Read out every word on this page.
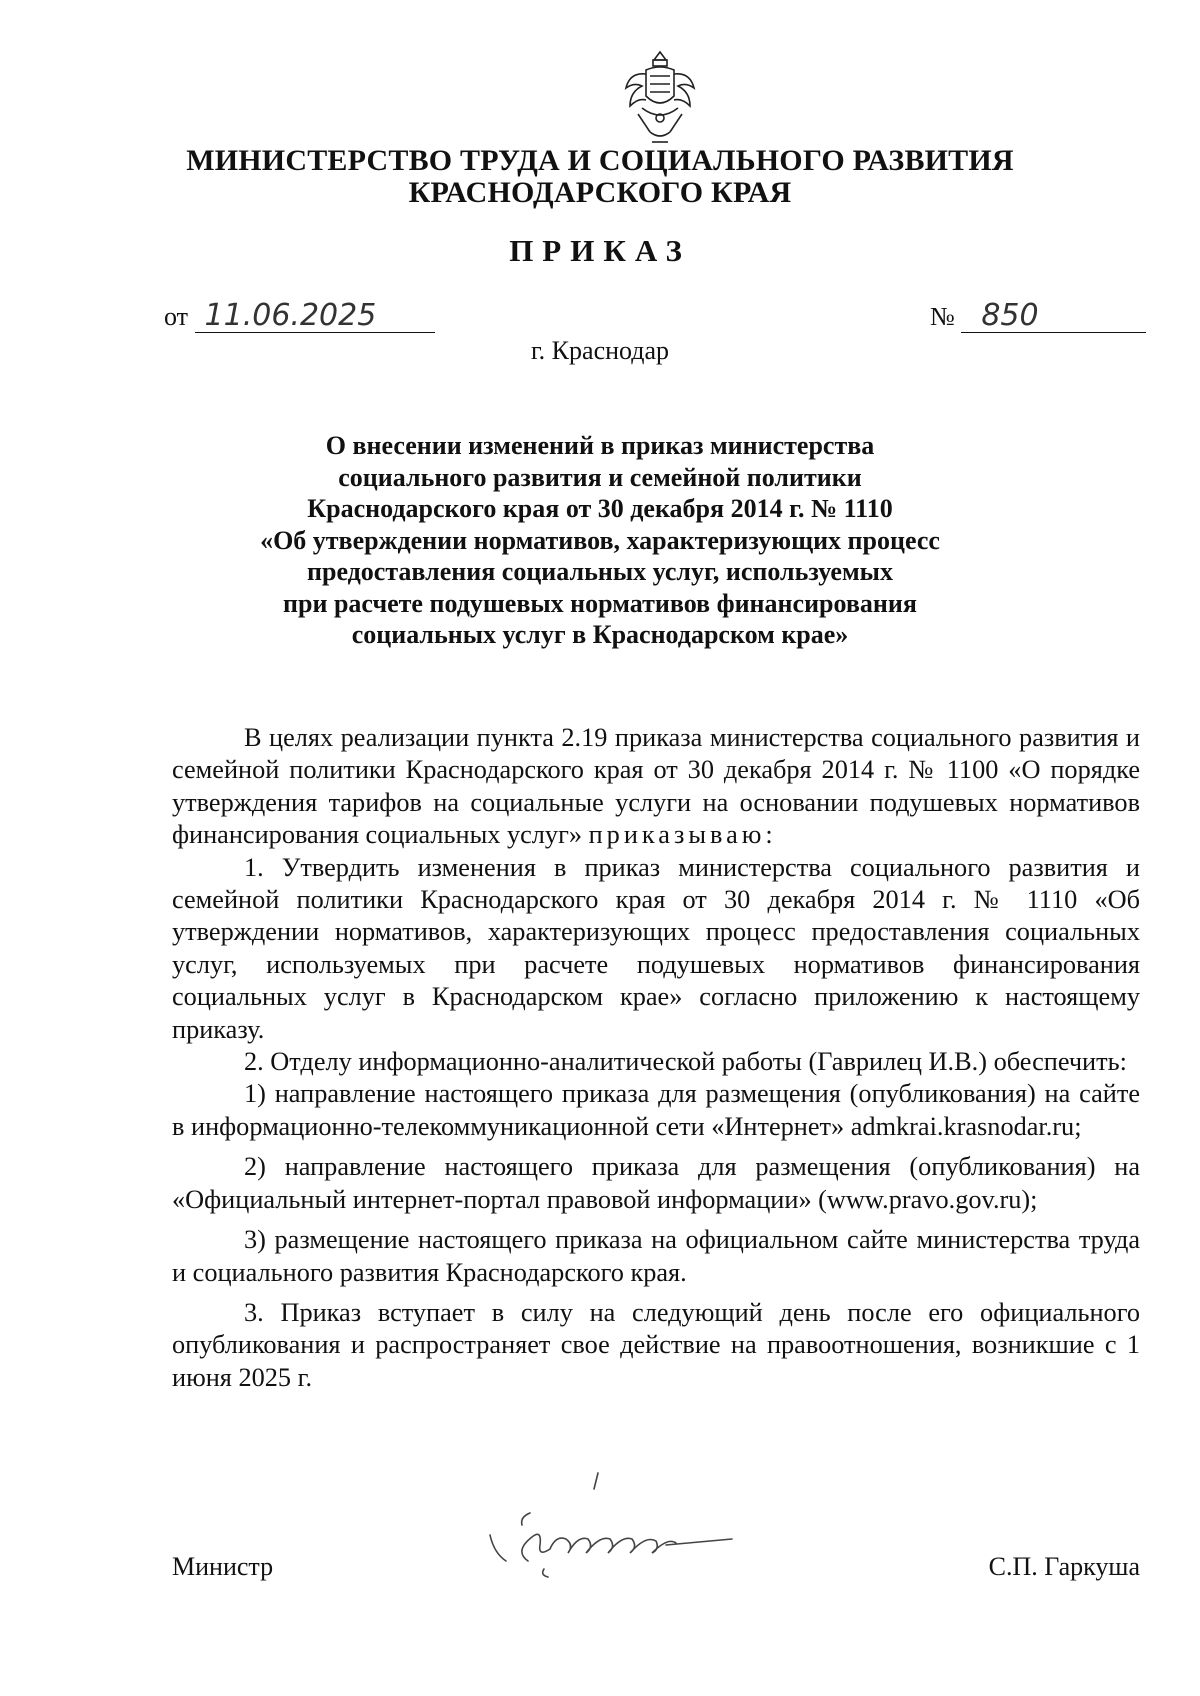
МИНИСТЕРСТВО ТРУДА И СОЦИАЛЬНОГО РАЗВИТИЯ
КРАСНОДАРСКОГО КРАЯ
ПРИКАЗ
от 11.06.2025	№ 850
г. Краснодар
О внесении изменений в приказ министерства
социального развития и семейной политики
Краснодарского края от 30 декабря 2014 г. № 1110
«Об утверждении нормативов, характеризующих процесс
предоставления социальных услуг, используемых
при расчете подушевых нормативов финансирования
социальных услуг в Краснодарском крае»

В целях реализации пункта 2.19 приказа министерства социального развития и семейной политики Краснодарского края от 30 декабря 2014 г. № 1100 «О порядке утверждения тарифов на социальные услуги на основании подушевых нормативов финансирования социальных услуг» приказываю:

1. Утвердить изменения в приказ министерства социального развития и семейной политики Краснодарского края от 30 декабря 2014 г. № 1110 «Об утверждении нормативов, характеризующих процесс предоставления социальных услуг, используемых при расчете подушевых нормативов финансирования социальных услуг в Краснодарском крае» согласно приложению к настоящему приказу.

2. Отделу информационно-аналитической работы (Гаврилец И.В.) обеспечить:

1) направление настоящего приказа для размещения (опубликования) на сайте в информационно-телекоммуникационной сети «Интернет» admkrai.krasnodar.ru;

2) направление настоящего приказа для размещения (опубликования) на «Официальный интернет-портал правовой информации» (www.pravo.gov.ru);

3) размещение настоящего приказа на официальном сайте министерства труда и социального развития Краснодарского края.

3. Приказ вступает в силу на следующий день после его официального опубликования и распространяет свое действие на правоотношения, возникшие с 1 июня 2025 г.

Министр	С.П. Гаркуша
